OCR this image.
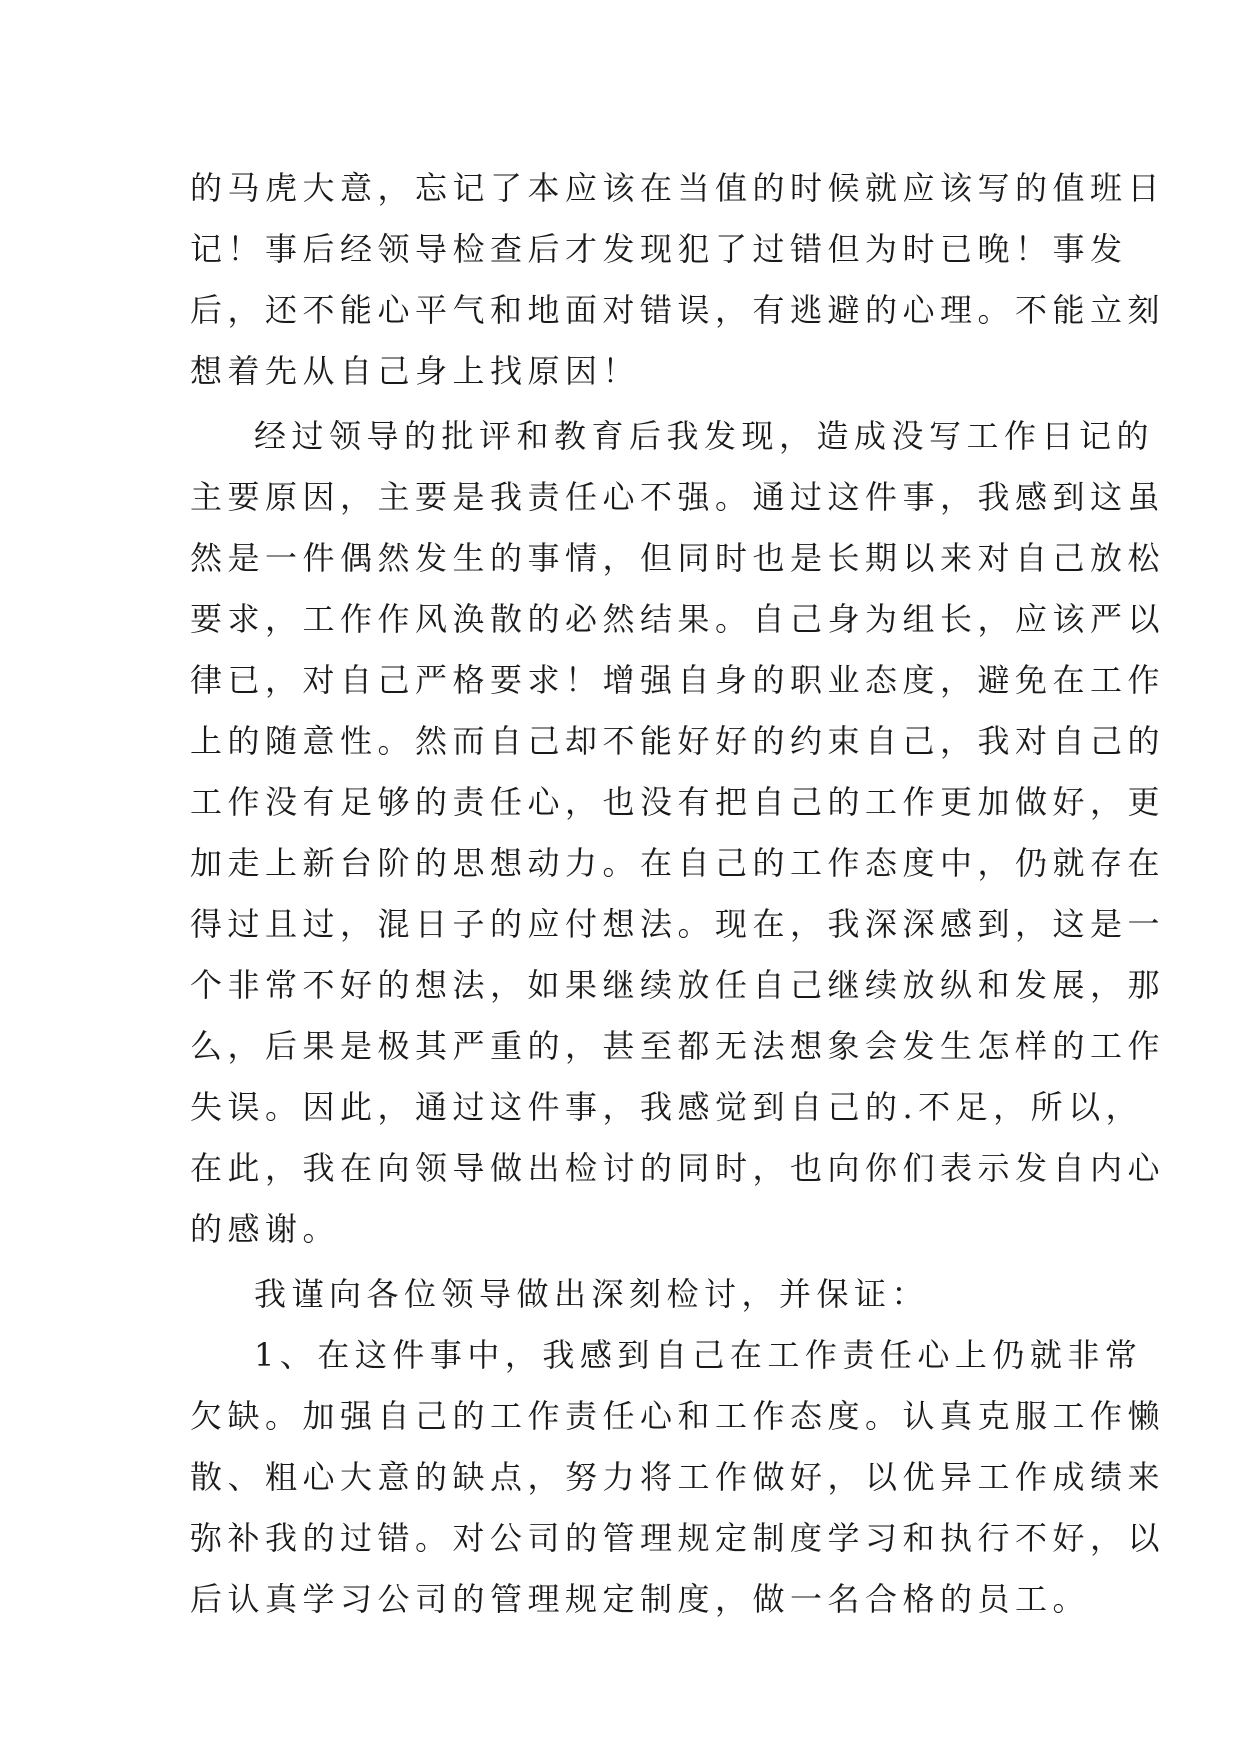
的马虎大意，忘记了本应该在当值的时候就应该写的值班日
记！事后经领导检查后才发现犯了过错但为时已晚！事发
后，还不能心平气和地面对错误，有逃避的心理。不能立刻
想着先从自己身上找原因！
经过领导的批评和教育后我发现，造成没写工作日记的
主要原因，主要是我责任心不强。通过这件事，我感到这虽
然是一件偶然发生的事情，但同时也是长期以来对自己放松
要求，工作作风涣散的必然结果。自己身为组长，应该严以
律已，对自己严格要求！增强自身的职业态度，避免在工作
上的随意性。然而自己却不能好好的约束自己，我对自己的
工作没有足够的责任心，也没有把自己的工作更加做好，更
加走上新台阶的思想动力。在自己的工作态度中，仍就存在
得过且过，混日子的应付想法。现在，我深深感到，这是一
个非常不好的想法，如果继续放任自己继续放纵和发展，那
么，后果是极其严重的，甚至都无法想象会发生怎样的工作
失误。因此，通过这件事，我感觉到自己的.不足，所以，
在此，我在向领导做出检讨的同时，也向你们表示发自内心
的感谢。
我谨向各位领导做出深刻检讨，并保证：
1、在这件事中，我感到自己在工作责任心上仍就非常
欠缺。加强自己的工作责任心和工作态度。认真克服工作懒
散、粗心大意的缺点，努力将工作做好，以优异工作成绩来
弥补我的过错。对公司的管理规定制度学习和执行不好，以
后认真学习公司的管理规定制度，做一名合格的员工。
